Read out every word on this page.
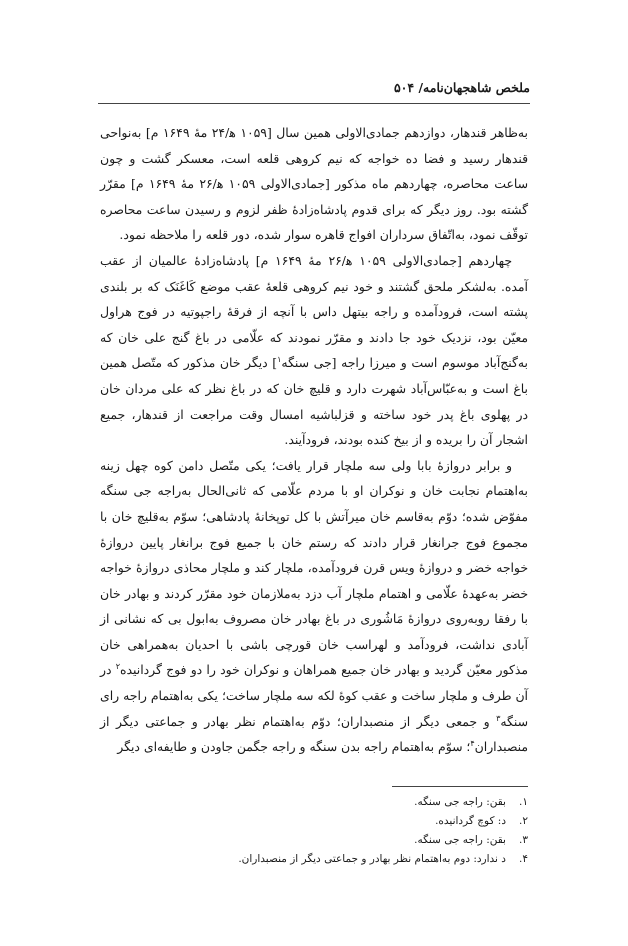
ملخص شاهجهان‌نامه/ ۵۰۴

به‌ظاهر قندهار، دوازدهم جمادی‌الاولی همین سال [۱۰۵۹ ه‍/۲۴ مهٔ ۱۶۴۹ م] به‌نواحی قندهار رسید و فضا ده خواجه که نیم کروهی قلعه است، معسکر گشت و چون ساعت محاصره، چهاردهم ماه مذکور [جمادی‌الاولی ۱۰۵۹ ه‍/۲۶ مهٔ ۱۶۴۹ م] مقرّر گشته بود. روز دیگر که برای قدوم پادشاه‌زادهٔ ظفر لزوم و رسیدن ساعت محاصره توقّف نمود، به‌اتّفاق سرداران افواج قاهره سوار شده، دور قلعه را ملاحظه نمود.

چهاردهم [جمادی‌الاولی ۱۰۵۹ ه‍/۲۶ مهٔ ۱۶۴۹ م] پادشاه‌زادهٔ عالمیان از عقب آمده. به‌لشکر ملحق گشتند و خود نیم کروهی قلعهٔ عقب موضع کَاغَنَک که بر بلندی پشته است، فرودآمده و راجه بیتهل داس با آنچه از فرقهٔ راجپوتیه در فوج هراول معیّن بود، نزدیک خود جا دادند و مقرّر نمودند که علّامی در باغ گنج علی خان که به‌گنج‌آباد موسوم است و میرزا راجه [جی سنگه$^۱$] دیگر خان مذکور که متّصل همین باغ است و به‌عبّاس‌آباد شهرت دارد و قلیچ خان که در باغ نظر که علی مردان خان در پهلوی باغ پدر خود ساخته و قزلباشیه امسال وقت مراجعت از قندهار، جمیع اشجار آن را بریده و از بیخ کنده بودند، فرودآیند.

و برابر دروازهٔ بابا ولی سه ملچار قرار یافت؛ یکی متّصل دامن کوه چهل زینه به‌اهتمام نجابت خان و نوکران او با مردم علّامی که ثانی‌الحال به‌راجه جی سنگه مفوّض شده؛ دوّم به‌قاسم خان میرآتش با کل توپخانهٔ پادشاهی؛ سوّم به‌قلیچ خان با مجموع فوج جرانغار قرار دادند که رستم خان با جمیع فوج برانغار پایین دروازهٔ خواجه خضر و دروازهٔ ویس قرن فرودآمده، ملچار کند و ملچار محاذی دروازهٔ خواجه خضر به‌عهدهٔ علّامی و اهتمام ملچار آب دزد به‌ملازمان خود مقرّر کردند و بهادر خان با رفقا روبه‌روی دروازهٔ مَاشُوری در باغ بهادر خان مصروف به‌ابول بی که نشانی از آبادی نداشت، فرودآمد و لهراسب خان قورچی باشی با احدیان به‌همراهی خان مذکور معیّن گردید و بهادر خان جمیع همراهان و نوکران خود را دو فوج گردانیده$^۲$ در آن طرف و ملچار ساخت و عقب کوهٔ لکه سه ملچار ساخت؛ یکی به‌اهتمام راجه رای سنگه$^۳$ و جمعی دیگر از منصبداران؛ دوّم به‌اهتمام نظر بهادر و جماعتی دیگر از منصبداران$^۴$؛ سوّم به‌اهتمام راجه بدن سنگه و راجه جگمن جاودن و طایفه‌ای دیگر

۱.بقن: راجه جی سنگه.
۲.د: کوچ گردانیده.
۳.بقن: راجه جی سنگه.
۴.د ندارد: دوم به‌اهتمام نظر بهادر و جماعتی دیگر از منصبداران.
